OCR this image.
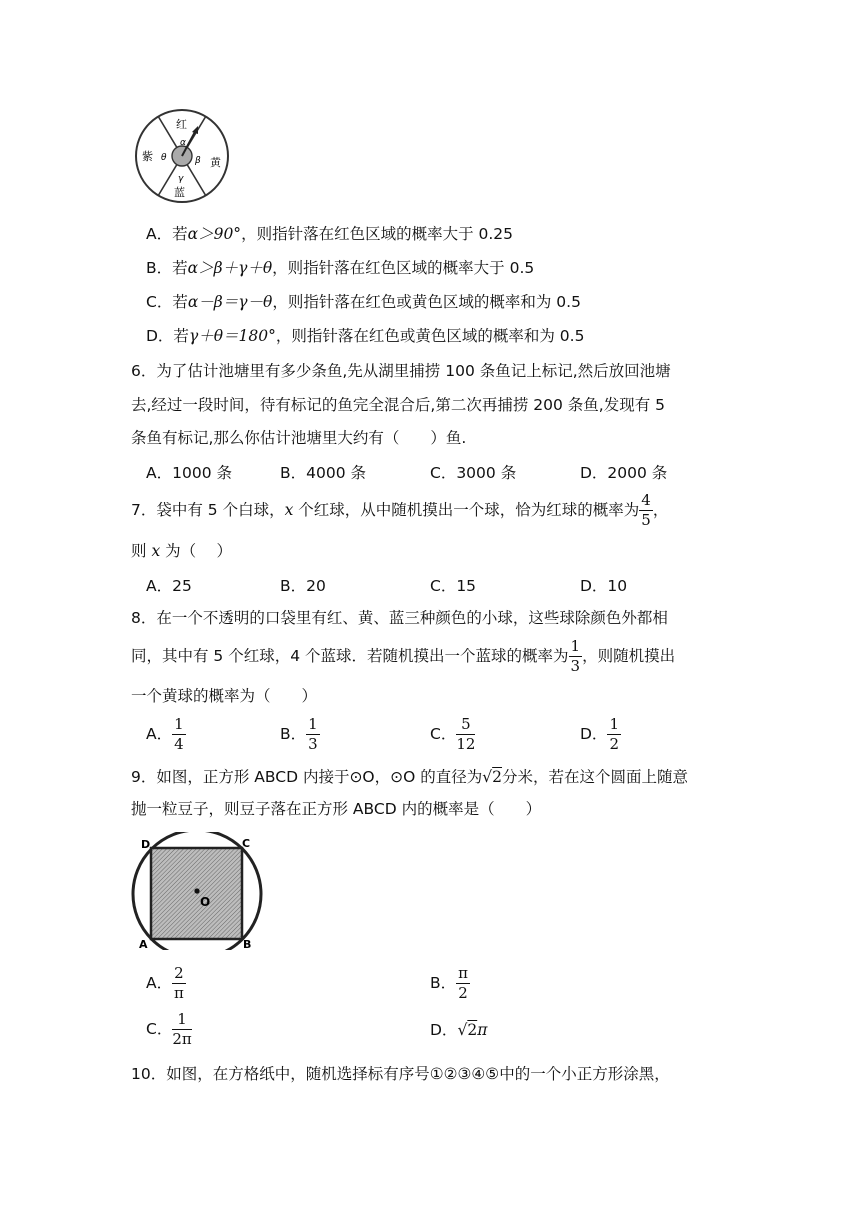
红
紫	黄
蓝
α
β
γ
θ
A．若α＞90°，则指针落在红色区域的概率大于 0.25
B．若α＞β＋γ＋θ，则指针落在红色区域的概率大于 0.5
C．若α－β＝γ－θ，则指针落在红色或黄色区域的概率和为 0.5
D．若γ＋θ＝180°，则指针落在红色或黄色区域的概率和为 0.5
6．为了估计池塘里有多少条鱼,先从湖里捕捞 100 条鱼记上标记,然后放回池塘
去,经过一段时间，待有标记的鱼完全混合后,第二次再捕捞 200 条鱼,发现有 5
条鱼有标记,那么你估计池塘里大约有（　　）鱼.
A．1000 条	B．4000 条	C．3000 条	D．2000 条
7．袋中有 5 个白球，x 个红球，从中随机摸出一个球，恰为红球的概率为 $\frac{4}{5}$ ，
则 x 为（　 ）
A．25	B．20	C．15	D．10
8．在一个不透明的口袋里有红、黄、蓝三种颜色的小球，这些球除颜色外都相
同，其中有 5 个红球，4 个蓝球．若随机摸出一个蓝球的概率为 $\frac{1}{3}$ ，则随机摸出
一个黄球的概率为（　　）
A． $\frac{1}{4}$	B． $\frac{1}{3}$	C． $\frac{5}{12}$	D． $\frac{1}{2}$
9．如图，正方形 ABCD 内接于⊙O，⊙O 的直径为√2分米，若在这个圆面上随意
抛一粒豆子，则豆子落在正方形 ABCD 内的概率是（　　）
O
D	C
A	B
A． $\frac{2}{\pi}$	B． $\frac{\pi}{2}$
C． $\frac{1}{2\pi}$	D．√2π
10．如图，在方格纸中，随机选择标有序号①②③④⑤中的一个小正方形涂黑，
